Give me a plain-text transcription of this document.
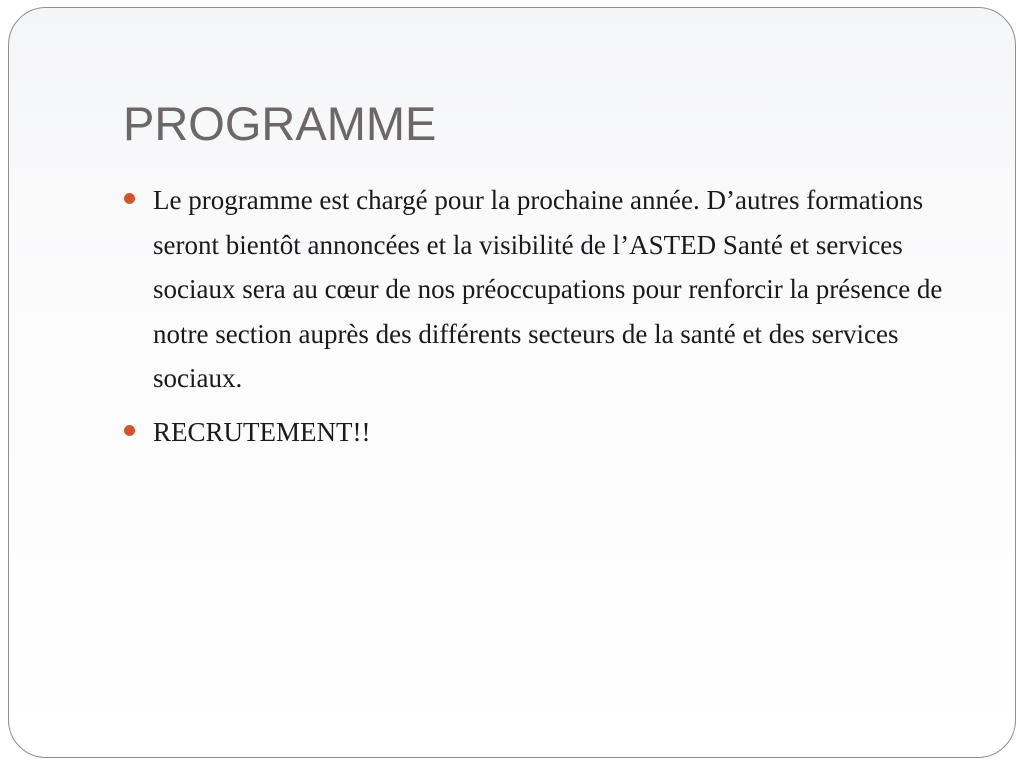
PROGRAMME
Le programme est chargé pour la prochaine année. D’autres formations seront bientôt annoncées et la visibilité de l’ASTED Santé et services sociaux sera au cœur de nos préoccupations pour renforcir la présence de notre section auprès des différents secteurs de la santé et des services sociaux.
RECRUTEMENT!!
